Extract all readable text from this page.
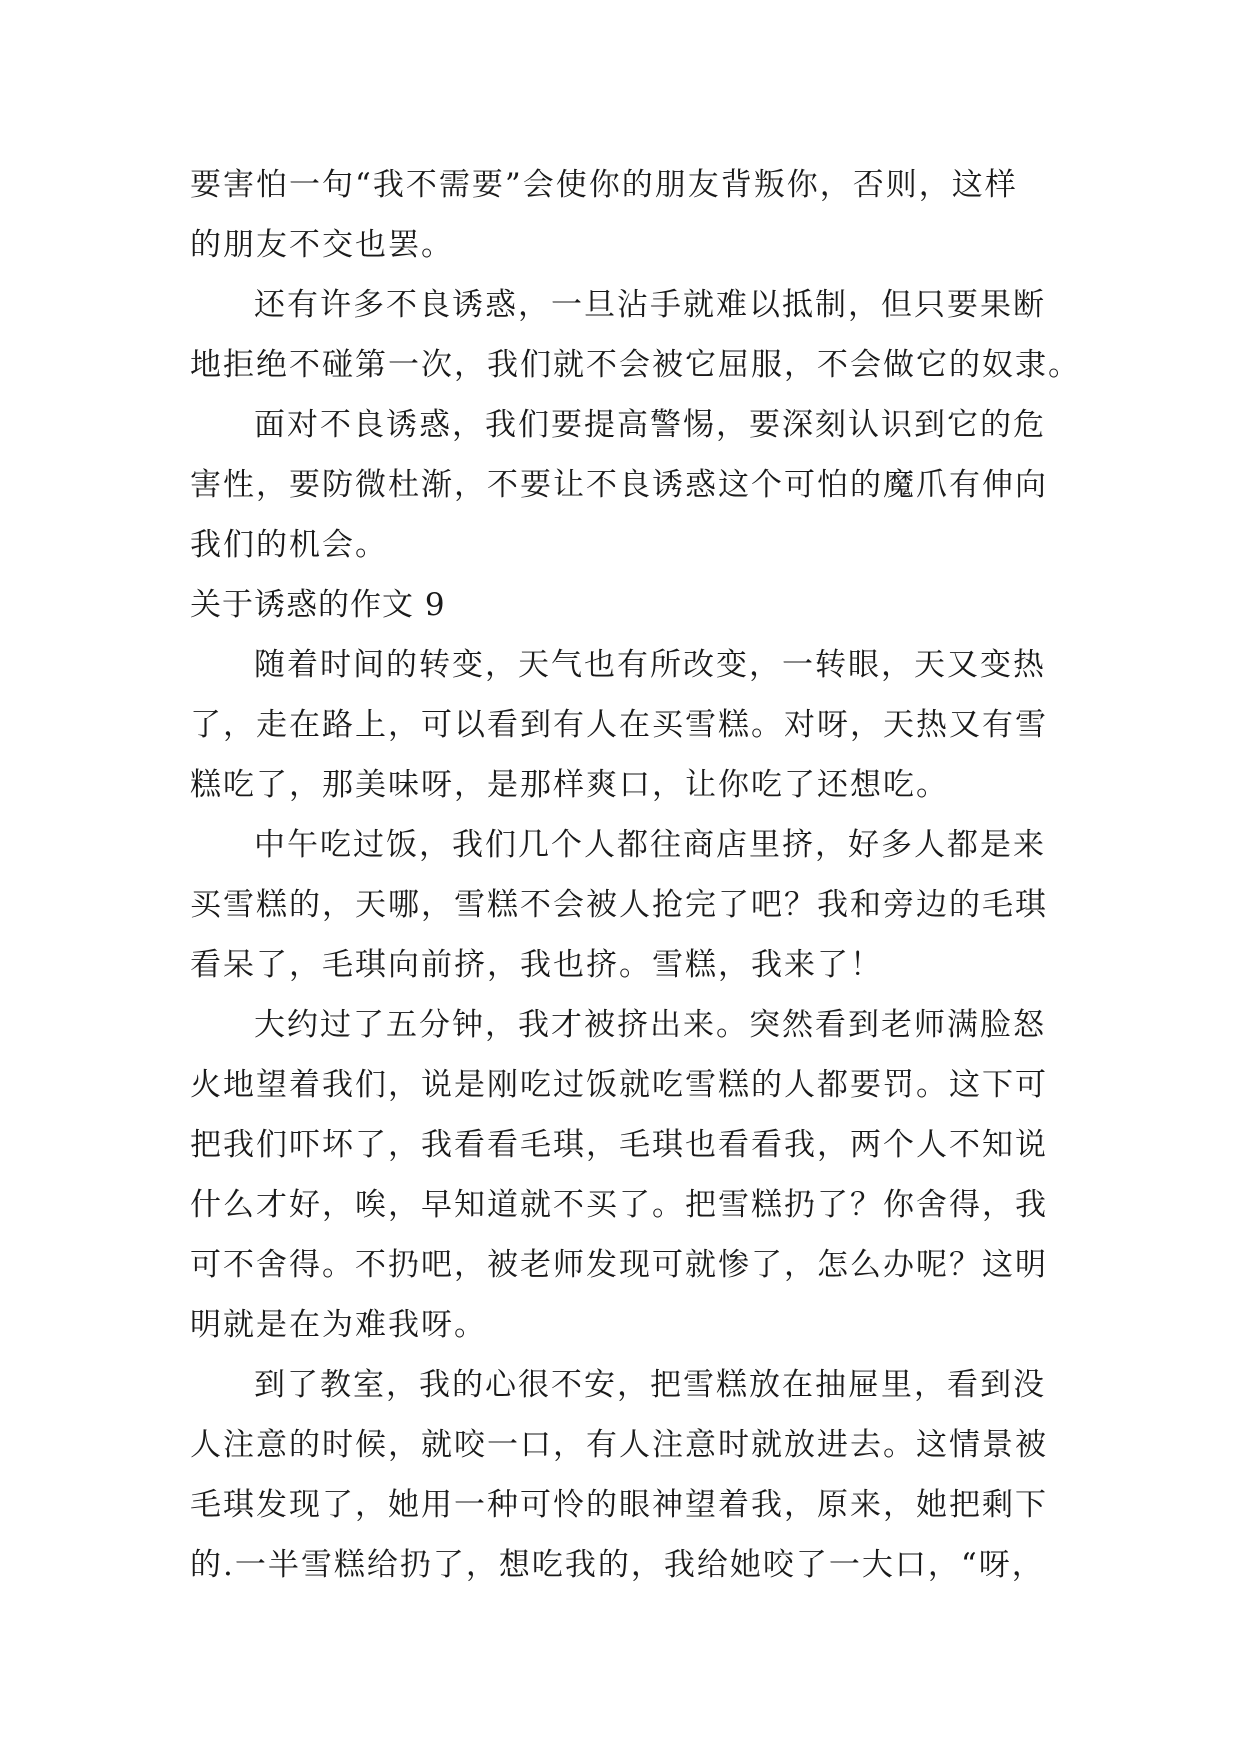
要害怕一句“我不需要”会使你的朋友背叛你，否则，这样
的朋友不交也罢。
还有许多不良诱惑，一旦沾手就难以抵制，但只要果断
地拒绝不碰第一次，我们就不会被它屈服，不会做它的奴隶。
面对不良诱惑，我们要提高警惕，要深刻认识到它的危
害性，要防微杜渐，不要让不良诱惑这个可怕的魔爪有伸向
我们的机会。
关于诱惑的作文 9
随着时间的转变，天气也有所改变，一转眼，天又变热
了，走在路上，可以看到有人在买雪糕。对呀，天热又有雪
糕吃了，那美味呀，是那样爽口，让你吃了还想吃。
中午吃过饭，我们几个人都往商店里挤，好多人都是来
买雪糕的，天哪，雪糕不会被人抢完了吧？我和旁边的毛琪
看呆了，毛琪向前挤，我也挤。雪糕，我来了！
大约过了五分钟，我才被挤出来。突然看到老师满脸怒
火地望着我们，说是刚吃过饭就吃雪糕的人都要罚。这下可
把我们吓坏了，我看看毛琪，毛琪也看看我，两个人不知说
什么才好，唉，早知道就不买了。把雪糕扔了？你舍得，我
可不舍得。不扔吧，被老师发现可就惨了，怎么办呢？这明
明就是在为难我呀。
到了教室，我的心很不安，把雪糕放在抽屉里，看到没
人注意的时候，就咬一口，有人注意时就放进去。这情景被
毛琪发现了，她用一种可怜的眼神望着我，原来，她把剩下
的.一半雪糕给扔了，想吃我的，我给她咬了一大口，“呀，
